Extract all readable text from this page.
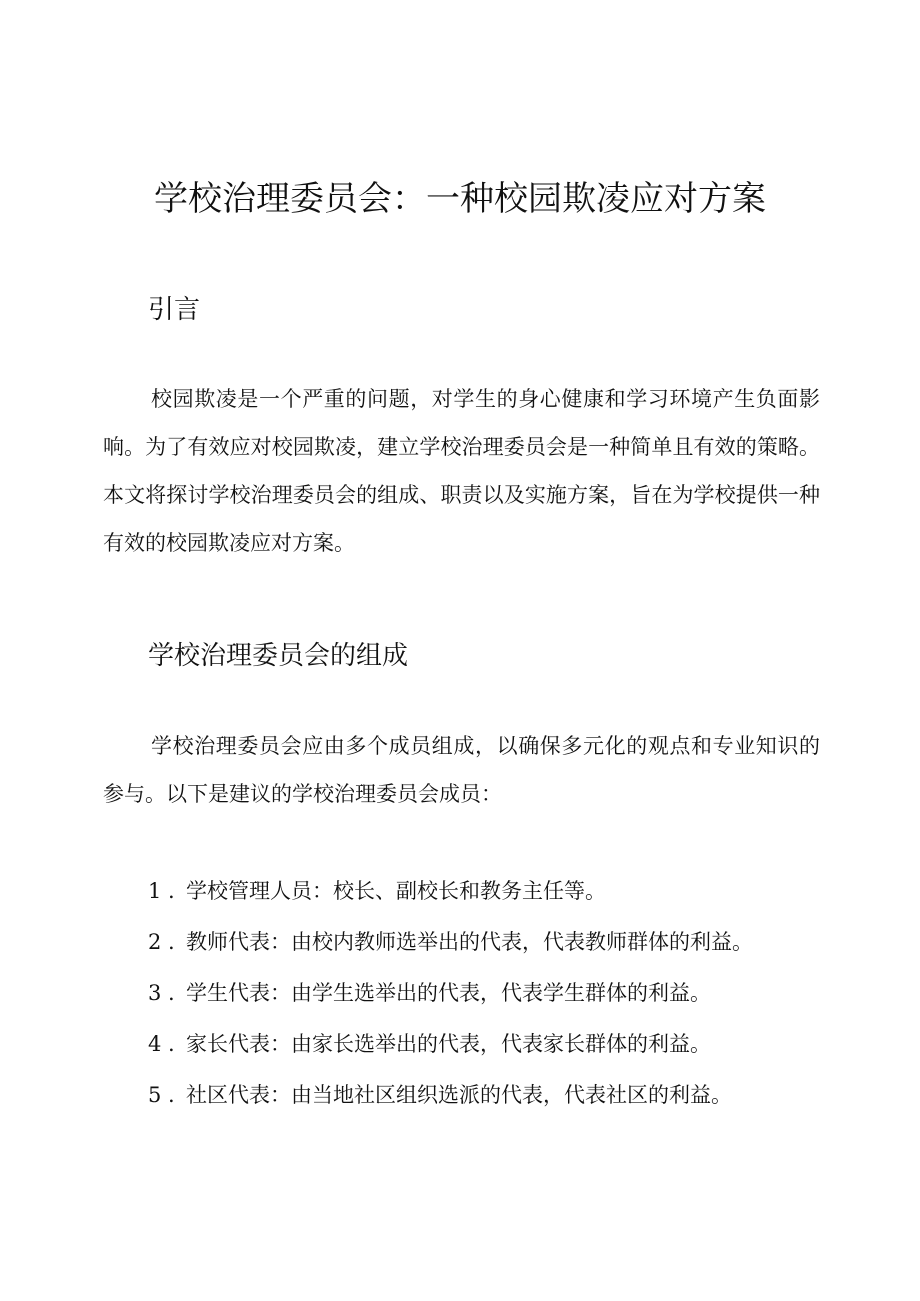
学校治理委员会：一种校园欺凌应对方案
引言
校园欺凌是一个严重的问题，对学生的身心健康和学习环境产生负面影响。为了有效应对校园欺凌，建立学校治理委员会是一种简单且有效的策略。本文将探讨学校治理委员会的组成、职责以及实施方案，旨在为学校提供一种有效的校园欺凌应对方案。
学校治理委员会的组成
学校治理委员会应由多个成员组成，以确保多元化的观点和专业知识的参与。以下是建议的学校治理委员会成员：
1 . 学校管理人员：校长、副校长和教务主任等。
2 . 教师代表：由校内教师选举出的代表，代表教师群体的利益。
3 . 学生代表：由学生选举出的代表，代表学生群体的利益。
4 . 家长代表：由家长选举出的代表，代表家长群体的利益。
5 . 社区代表：由当地社区组织选派的代表，代表社区的利益。
